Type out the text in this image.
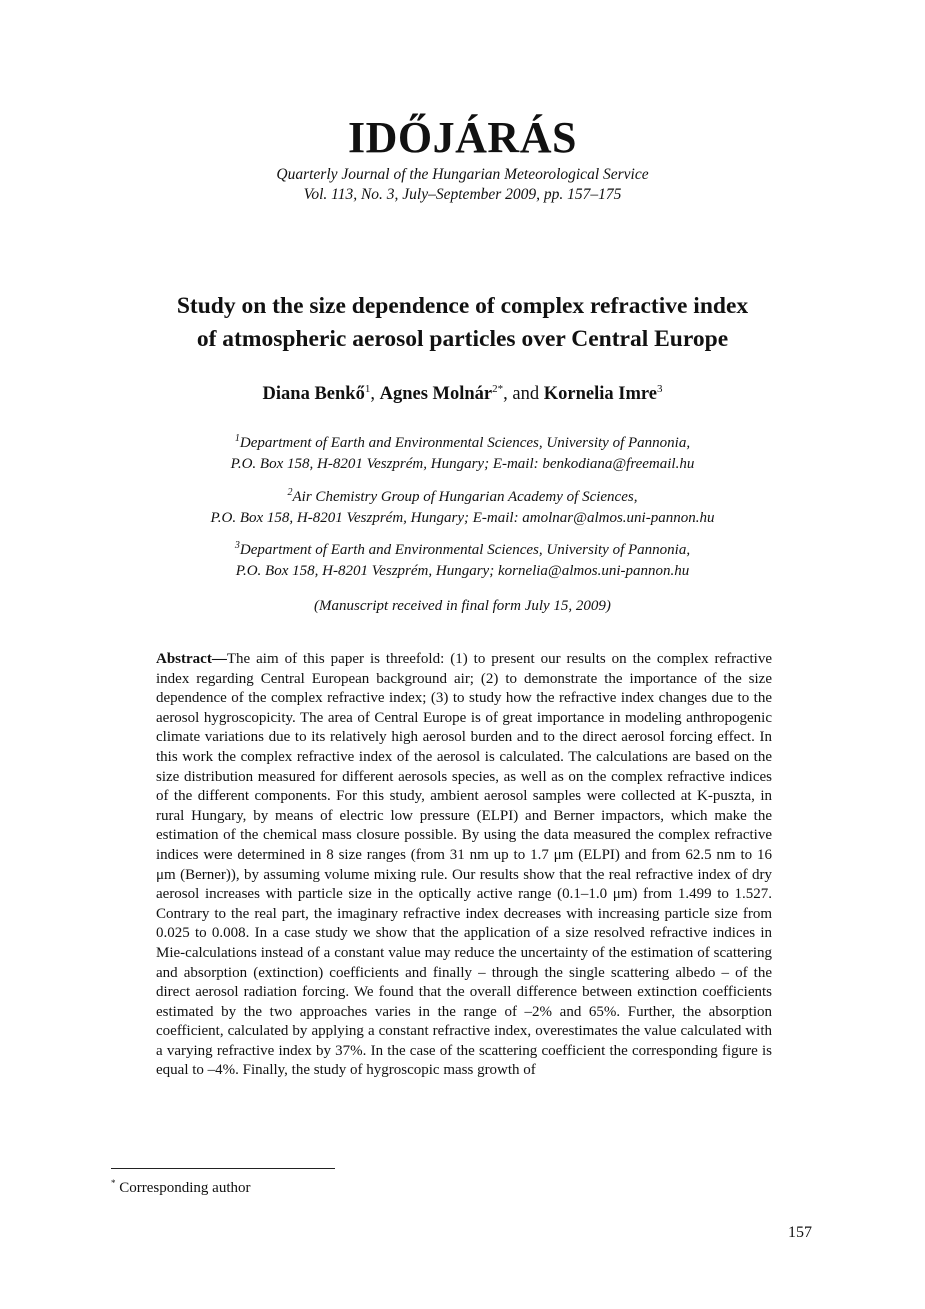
IDŐJÁRÁS
Quarterly Journal of the Hungarian Meteorological Service
Vol. 113, No. 3, July–September 2009, pp. 157–175
Study on the size dependence of complex refractive index
of atmospheric aerosol particles over Central Europe
Diana Benkő$^1$, Agnes Molnár$^{2*}$, and Kornelia Imre$^3$
$^1$Department of Earth and Environmental Sciences, University of Pannonia,
P.O. Box 158, H-8201 Veszprém, Hungary; E-mail: benkodiana@freemail.hu
$^2$Air Chemistry Group of Hungarian Academy of Sciences,
P.O. Box 158, H-8201 Veszprém, Hungary; E-mail: amolnar@almos.uni-pannon.hu
$^3$Department of Earth and Environmental Sciences, University of Pannonia,
P.O. Box 158, H-8201 Veszprém, Hungary; kornelia@almos.uni-pannon.hu
(Manuscript received in final form July 15, 2009)
Abstract—The aim of this paper is threefold: (1) to present our results on the complex refractive index regarding Central European background air; (2) to demonstrate the importance of the size dependence of the complex refractive index; (3) to study how the refractive index changes due to the aerosol hygroscopicity. The area of Central Europe is of great importance in modeling anthropogenic climate variations due to its relatively high aerosol burden and to the direct aerosol forcing effect. In this work the complex refractive index of the aerosol is calculated. The calculations are based on the size distribution measured for different aerosols species, as well as on the complex refractive indices of the different components. For this study, ambient aerosol samples were collected at K-puszta, in rural Hungary, by means of electric low pressure (ELPI) and Berner impactors, which make the estimation of the chemical mass closure possible. By using the data measured the complex refractive indices were determined in 8 size ranges (from 31 nm up to 1.7 μm (ELPI) and from 62.5 nm to 16 μm (Berner)), by assuming volume mixing rule. Our results show that the real refractive index of dry aerosol increases with particle size in the optically active range (0.1–1.0 μm) from 1.499 to 1.527. Contrary to the real part, the imaginary refractive index decreases with increasing particle size from 0.025 to 0.008. In a case study we show that the application of a size resolved refractive indices in Mie-calculations instead of a constant value may reduce the uncertainty of the estimation of scattering and absorption (extinction) coefficients and finally – through the single scattering albedo – of the direct aerosol radiation forcing. We found that the overall difference between extinction coefficients estimated by the two approaches varies in the range of –2% and 65%. Further, the absorption coefficient, calculated by applying a constant refractive index, overestimates the value calculated with a varying refractive index by 37%. In the case of the scattering coefficient the corresponding figure is equal to –4%. Finally, the study of hygroscopic mass growth of
* Corresponding author
157
